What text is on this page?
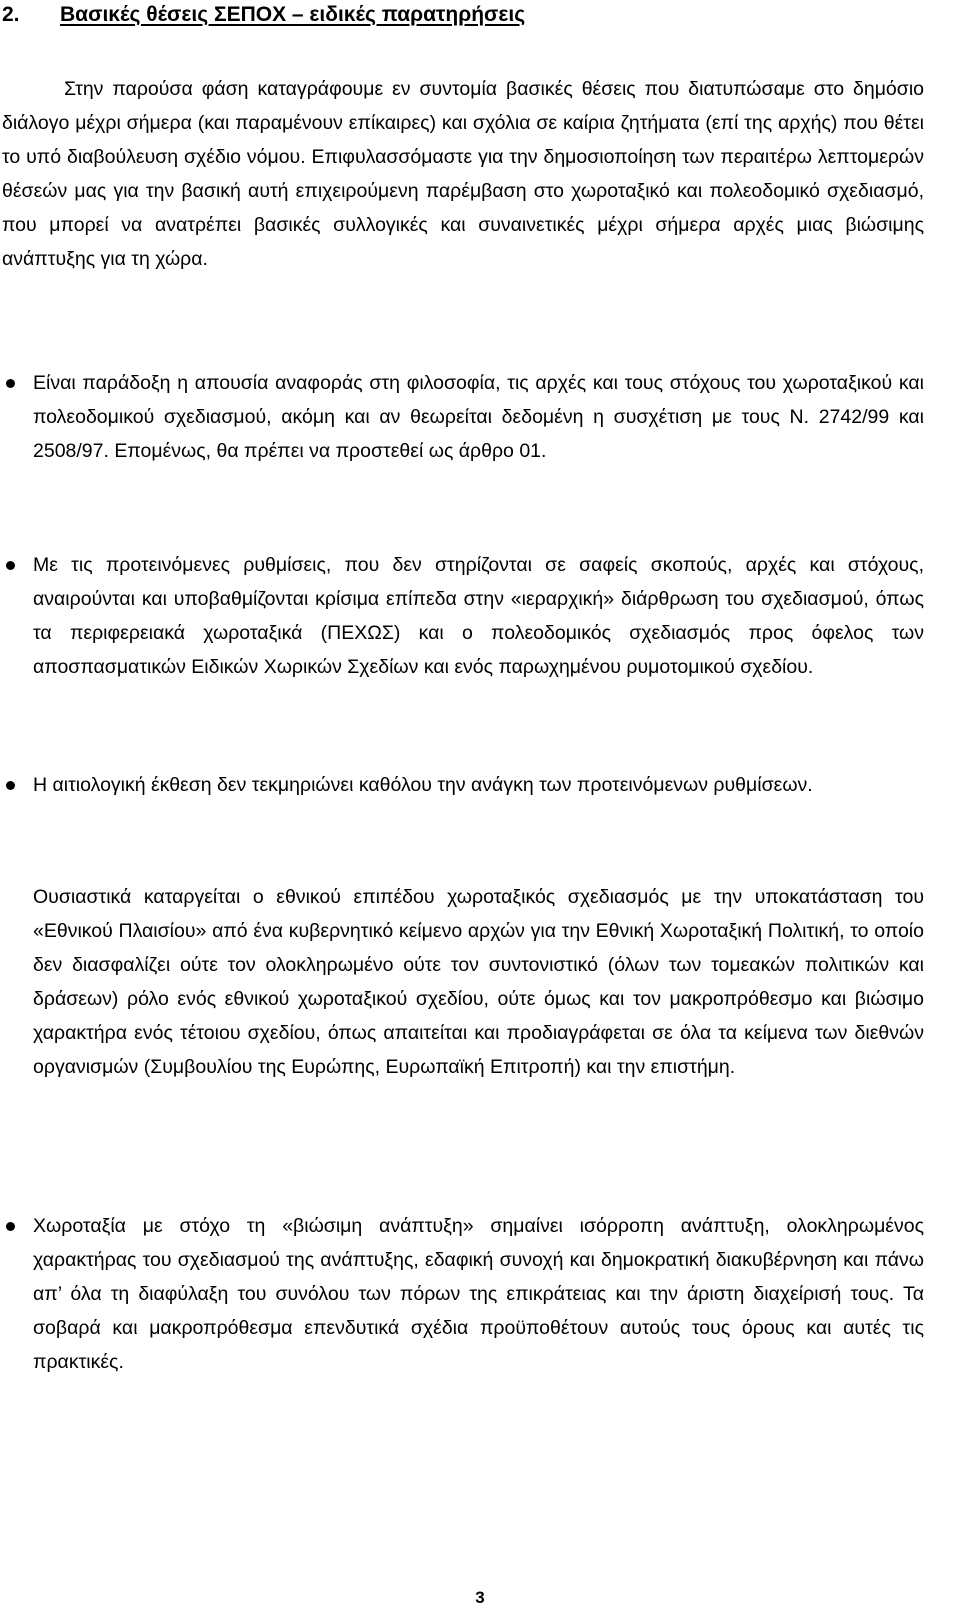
2. Βασικές θέσεις ΣΕΠΟΧ – ειδικές παρατηρήσεις

Στην παρούσα φάση καταγράφουμε εν συντομία βασικές θέσεις που διατυπώσαμε στο δημόσιο διάλογο μέχρι σήμερα (και παραμένουν επίκαιρες) και σχόλια σε καίρια ζητήματα (επί της αρχής) που θέτει το υπό διαβούλευση σχέδιο νόμου. Επιφυλασσόμαστε για την δημοσιοποίηση των περαιτέρω λεπτομερών θέσεών μας για την βασική αυτή επιχειρούμενη παρέμβαση στο χωροταξικό και πολεοδομικό σχεδιασμό, που μπορεί να ανατρέπει βασικές συλλογικές και συναινετικές μέχρι σήμερα αρχές μιας βιώσιμης ανάπτυξης για τη χώρα.

Είναι παράδοξη η απουσία αναφοράς στη φιλοσοφία, τις αρχές και τους στόχους του χωροταξικού και πολεοδομικού σχεδιασμού, ακόμη και αν θεωρείται δεδομένη η συσχέτιση με τους Ν. 2742/99 και 2508/97. Επομένως, θα πρέπει να προστεθεί ως άρθρο 01.

Με τις προτεινόμενες ρυθμίσεις, που δεν στηρίζονται σε σαφείς σκοπούς, αρχές και στόχους, αναιρούνται και υποβαθμίζονται κρίσιμα επίπεδα στην «ιεραρχική» διάρθρωση του σχεδιασμού, όπως τα περιφερειακά χωροταξικά (ΠΕΧΩΣ) και ο πολεοδομικός σχεδιασμός προς όφελος των αποσπασματικών Ειδικών Χωρικών Σχεδίων και ενός παρωχημένου ρυμοτομικού σχεδίου.

Η αιτιολογική έκθεση δεν τεκμηριώνει καθόλου την ανάγκη των προτεινόμενων ρυθμίσεων.

Ουσιαστικά καταργείται ο εθνικού επιπέδου χωροταξικός σχεδιασμός με την υποκατάσταση του «Εθνικού Πλαισίου» από ένα κυβερνητικό κείμενο αρχών για την Εθνική Χωροταξική Πολιτική, το οποίο δεν διασφαλίζει ούτε τον ολοκληρωμένο ούτε τον συντονιστικό (όλων των τομεακών πολιτικών και δράσεων) ρόλο ενός εθνικού χωροταξικού σχεδίου, ούτε όμως και τον μακροπρόθεσμο και βιώσιμο χαρακτήρα ενός τέτοιου σχεδίου, όπως απαιτείται και προδιαγράφεται σε όλα τα κείμενα των διεθνών οργανισμών (Συμβουλίου της Ευρώπης, Ευρωπαϊκή Επιτροπή) και την επιστήμη.

Χωροταξία με στόχο τη «βιώσιμη ανάπτυξη» σημαίνει ισόρροπη ανάπτυξη, ολοκληρωμένος χαρακτήρας του σχεδιασμού της ανάπτυξης, εδαφική συνοχή και δημοκρατική διακυβέρνηση και πάνω απ’ όλα τη διαφύλαξη του συνόλου των πόρων της επικράτειας και την άριστη διαχείρισή τους. Τα σοβαρά και μακροπρόθεσμα επενδυτικά σχέδια προϋποθέτουν αυτούς τους όρους και αυτές τις πρακτικές.

3
